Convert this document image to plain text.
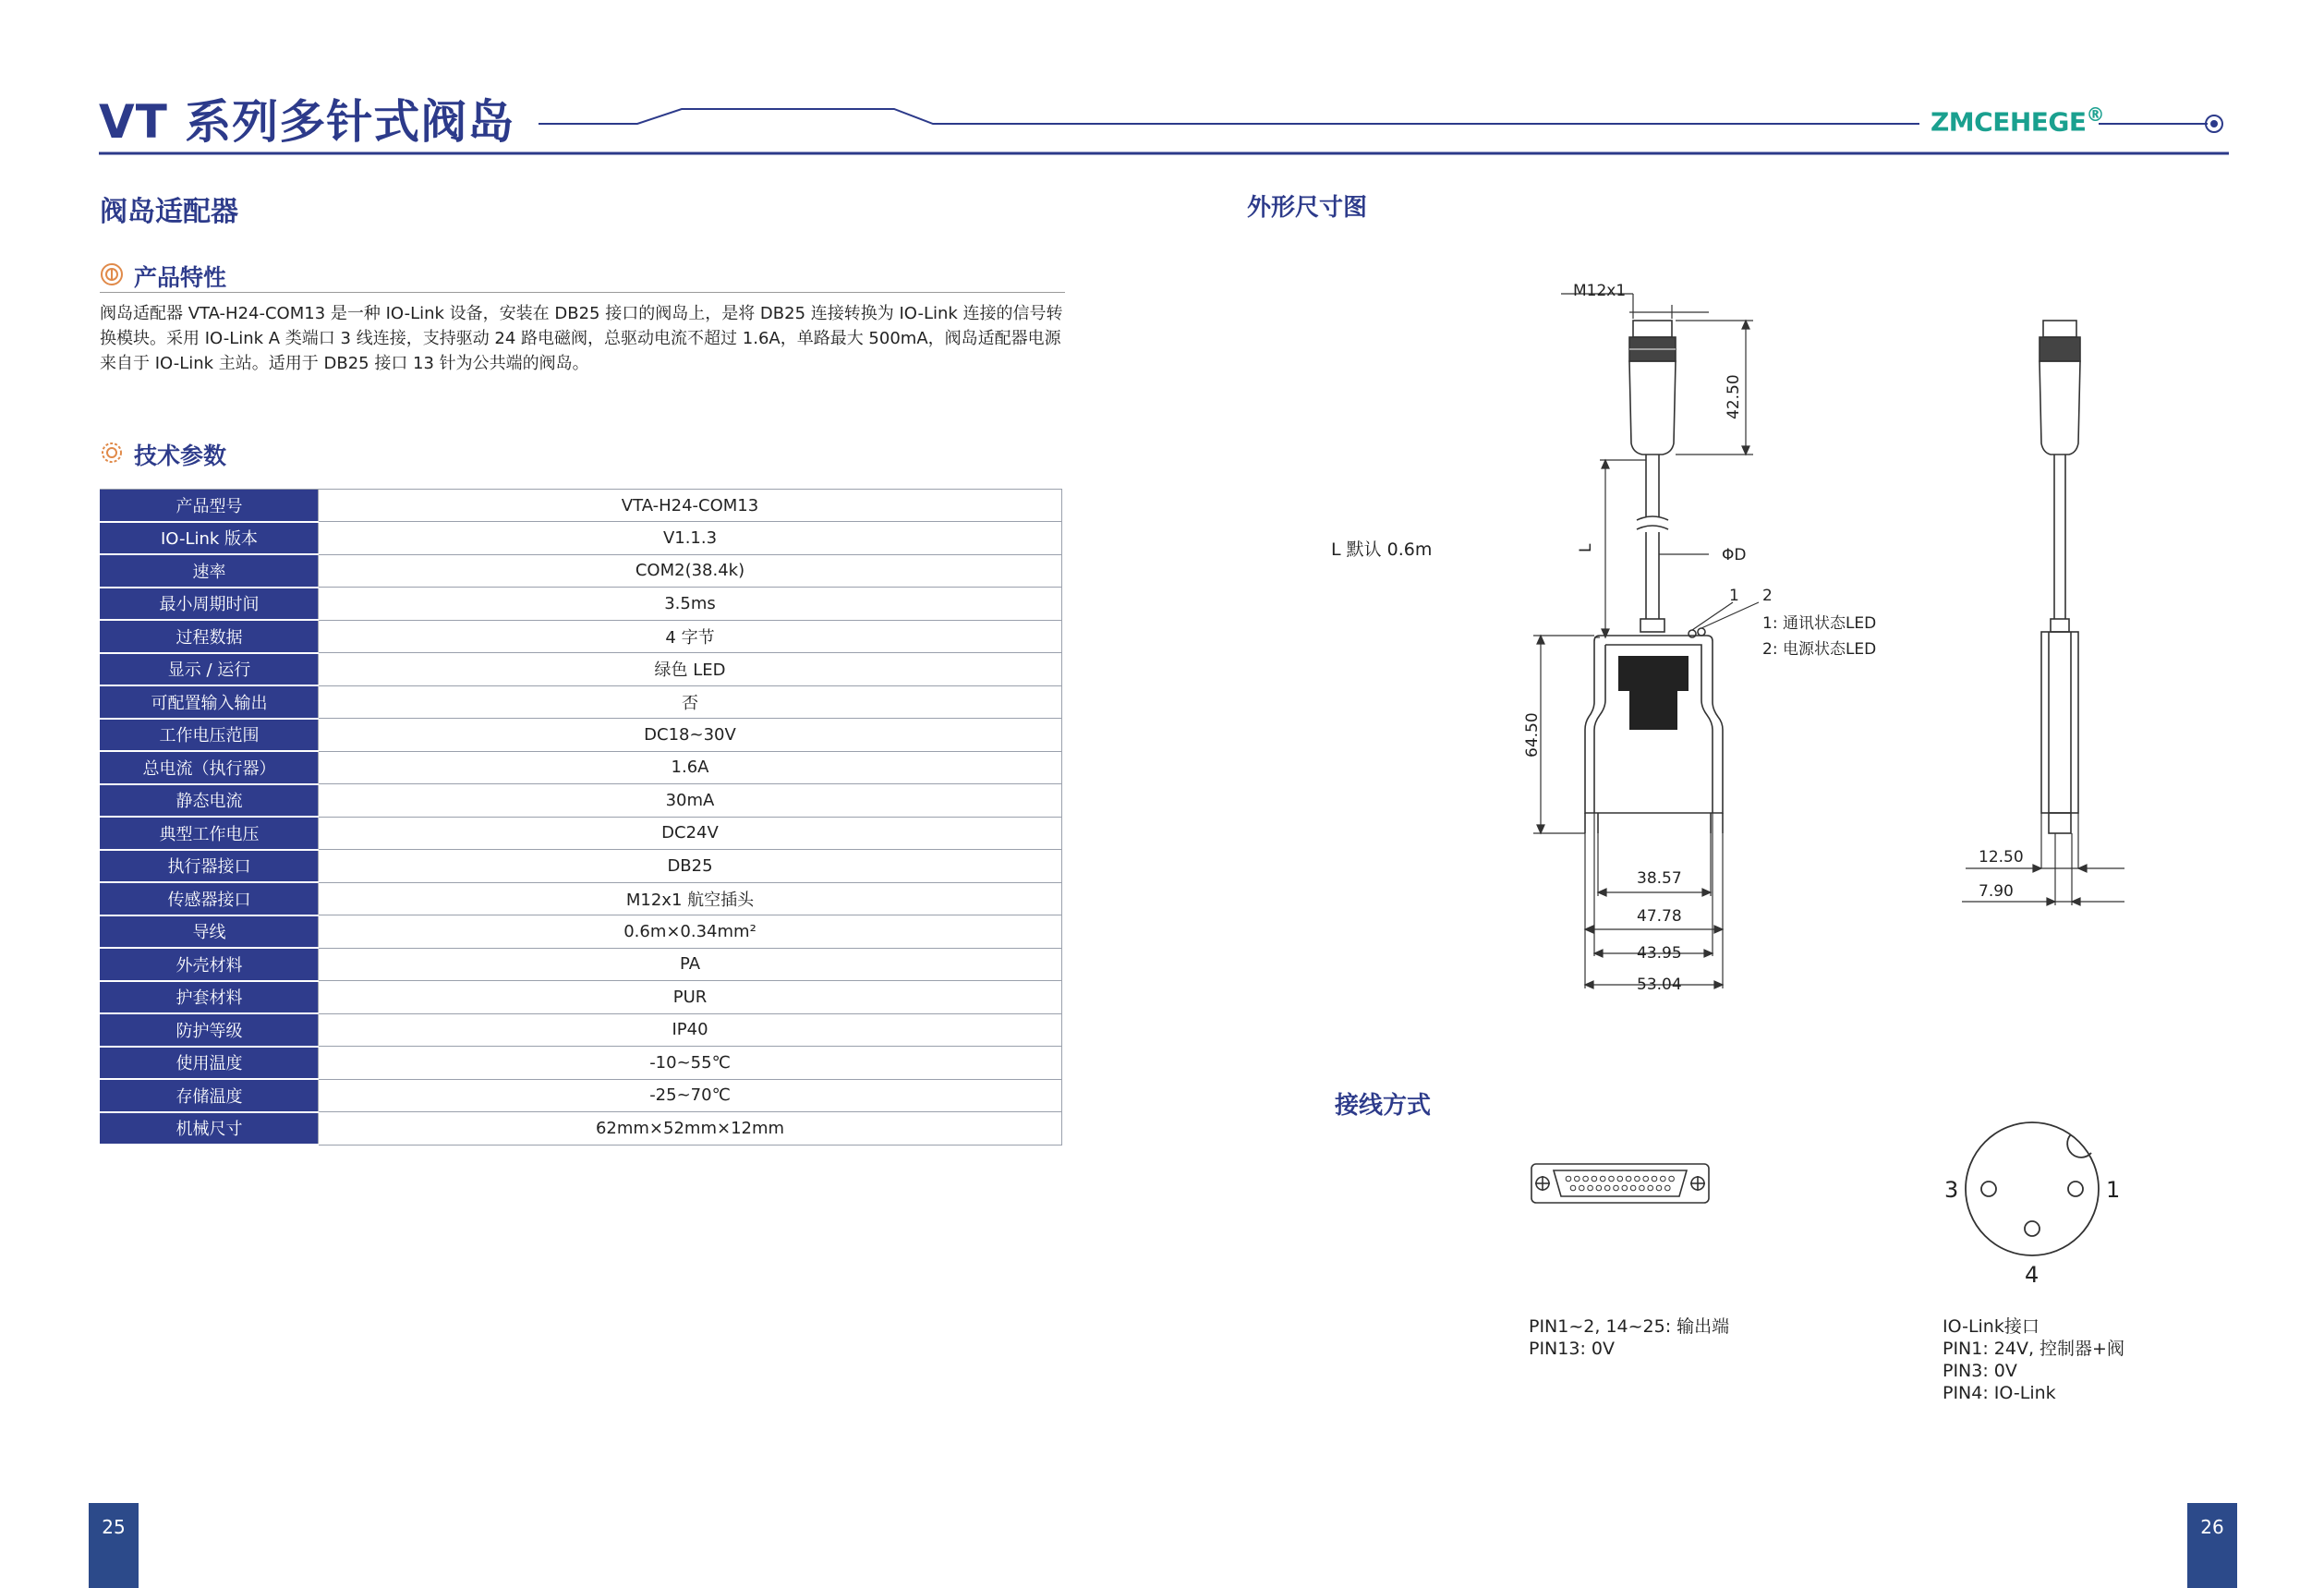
VT 系列多针式阀岛	ZMCEHEGE®
阀岛适配器
产品特性
阀岛适配器 VTA-H24-COM13 是一种 IO-Link 设备，安装在 DB25 接口的阀岛上，是将 DB25 连接转换为 IO-Link 连接的信号转换模块。采用 IO-Link A 类端口 3 线连接，支持驱动 24 路电磁阀，总驱动电流不超过 1.6A，单路最大 500mA，阀岛适配器电源来自于 IO-Link 主站。适用于 DB25 接口 13 针为公共端的阀岛。
技术参数
产品型号	VTA-H24-COM13
IO-Link 版本	V1.1.3
速率	COM2(38.4k)
最小周期时间	3.5ms
过程数据	4 字节
显示 / 运行	绿色 LED
可配置输入输出	否
工作电压范围	DC18~30V
总电流（执行器）	1.6A
静态电流	30mA
典型工作电压	DC24V
执行器接口	DB25
传感器接口	M12x1 航空插头
导线	0.6m×0.34mm²
外壳材料	PA
护套材料	PUR
防护等级	IP40
使用温度	-10~55℃
存储温度	-25~70℃
机械尺寸	62mm×52mm×12mm
外形尺寸图
L 默认 0.6m
M12x1
42.50
L	ΦD
1 2
1: 通讯状态LED
2: 电源状态LED
64.50
38.57
47.78
43.95
53.04
12.50
7.90
接线方式
3	1
4
PIN1~2, 14~25: 输出端
PIN13: 0V
IO-Link接口
PIN1: 24V, 控制器+阀
PIN3: 0V
PIN4: IO-Link
25	26
